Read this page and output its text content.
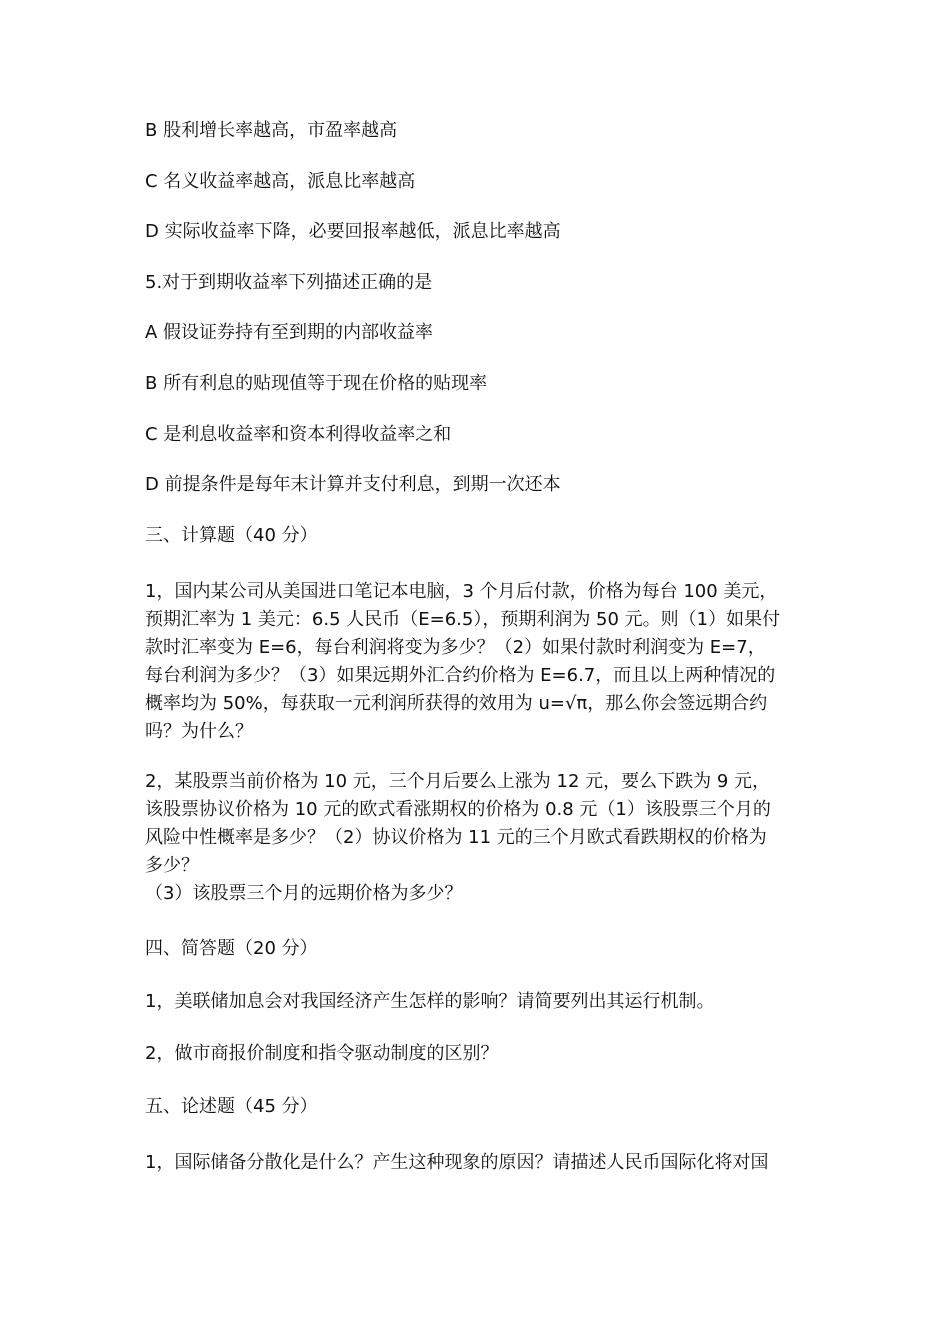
B 股利增长率越高，市盈率越高
C 名义收益率越高，派息比率越高
D 实际收益率下降，必要回报率越低，派息比率越高
5.对于到期收益率下列描述正确的是
A 假设证券持有至到期的内部收益率
B 所有利息的贴现值等于现在价格的贴现率
C 是利息收益率和资本利得收益率之和
D 前提条件是每年末计算并支付利息，到期一次还本
三、计算题（40 分）
1，国内某公司从美国进口笔记本电脑，3 个月后付款，价格为每台 100 美元，
预期汇率为 1 美元：6.5 人民币（E=6.5），预期利润为 50 元。则（1）如果付
款时汇率变为 E=6，每台利润将变为多少？（2）如果付款时利润变为 E=7，
每台利润为多少？（3）如果远期外汇合约价格为 E=6.7，而且以上两种情况的
概率均为 50%，每获取一元利润所获得的效用为 u=√π，那么你会签远期合约
吗？为什么？
2，某股票当前价格为 10 元，三个月后要么上涨为 12 元，要么下跌为 9 元，
该股票协议价格为 10 元的欧式看涨期权的价格为 0.8 元（1）该股票三个月的
风险中性概率是多少？（2）协议价格为 11 元的三个月欧式看跌期权的价格为
多少？
（3）该股票三个月的远期价格为多少？
四、简答题（20 分）
1，美联储加息会对我国经济产生怎样的影响？请简要列出其运行机制。
2，做市商报价制度和指令驱动制度的区别？
五、论述题（45 分）
1，国际储备分散化是什么？产生这种现象的原因？请描述人民币国际化将对国
